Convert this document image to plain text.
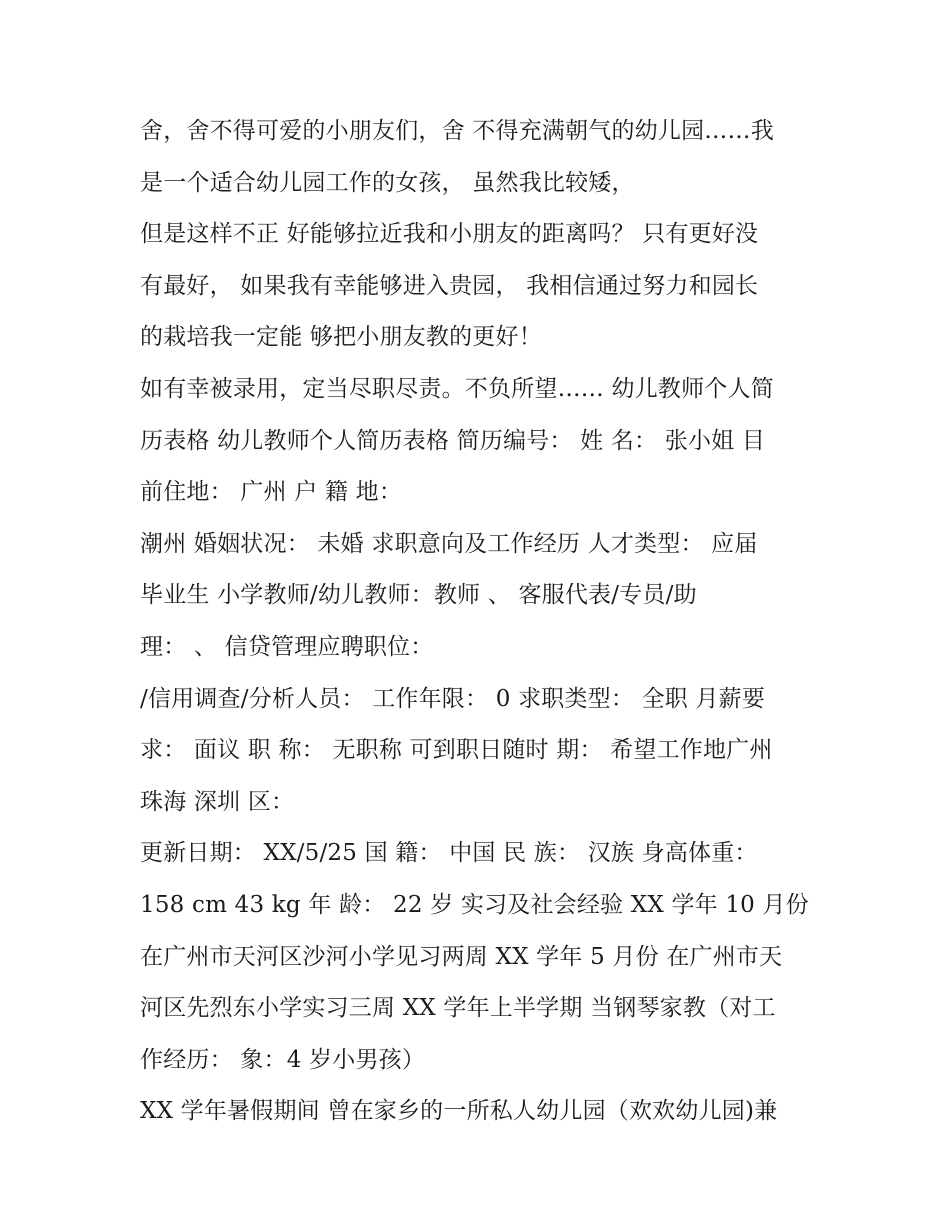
舍，舍不得可爱的小朋友们，舍 不得充满朝气的幼儿园……我
是一个适合幼儿园工作的女孩， 虽然我比较矮，
但是这样不正 好能够拉近我和小朋友的距离吗？ 只有更好没
有最好， 如果我有幸能够进入贵园， 我相信通过努力和园长
的栽培我一定能 够把小朋友教的更好！
如有幸被录用，定当尽职尽责。不负所望…… 幼儿教师个人简
历表格 幼儿教师个人简历表格 简历编号： 姓 名： 张小姐 目
前住地： 广州 户 籍 地：
潮州 婚姻状况： 未婚 求职意向及工作经历 人才类型： 应届
毕业生 小学教师/幼儿教师：教师 、 客服代表/专员/助
理： 、 信贷管理应聘职位：
/信用调查/分析人员： 工作年限： 0 求职类型： 全职 月薪要
求： 面议 职 称： 无职称 可到职日随时 期： 希望工作地广州
珠海 深圳 区：
更新日期： XX/5/25 国 籍： 中国 民 族： 汉族 身高体重：
158 cm 43 kg 年 龄： 22 岁 实习及社会经验 XX 学年 10 月份
在广州市天河区沙河小学见习两周 XX 学年 5 月份 在广州市天
河区先烈东小学实习三周 XX 学年上半学期 当钢琴家教（对工
作经历： 象：4 岁小男孩）
XX 学年暑假期间 曾在家乡的一所私人幼儿园（欢欢幼儿园)兼
